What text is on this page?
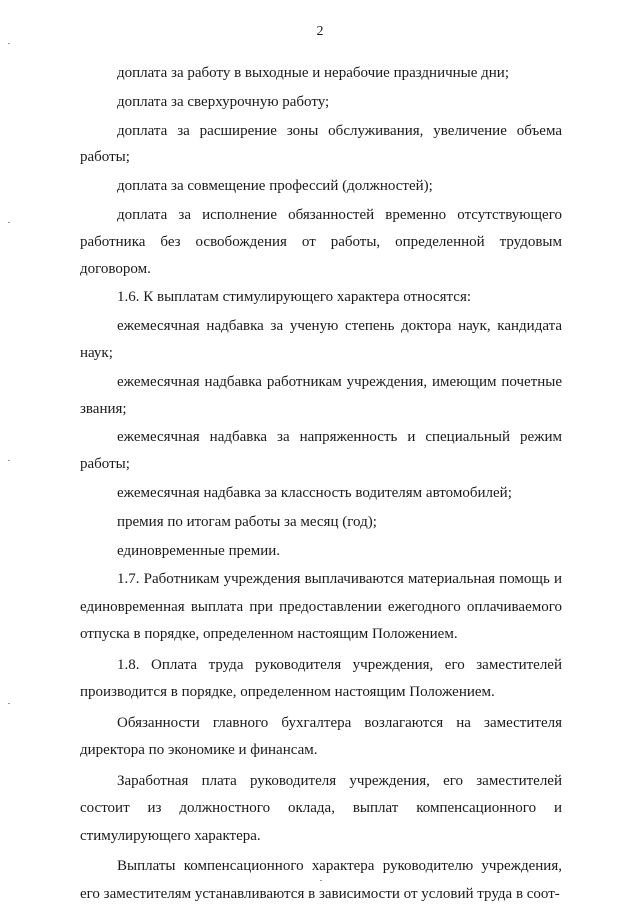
2

доплата за работу в выходные и нерабочие праздничные дни;

доплата за сверхурочную работу;

доплата за расширение зоны обслуживания, увеличение объема работы;

доплата за совмещение профессий (должностей);

доплата за исполнение обязанностей временно отсутствующего работника без освобождения от работы, определенной трудовым договором.

1.6. К выплатам стимулирующего характера относятся:

ежемесячная надбавка за ученую степень доктора наук, кандидата наук;

ежемесячная надбавка работникам учреждения, имеющим почетные звания;

ежемесячная надбавка за напряженность и специальный режим работы;

ежемесячная надбавка за классность водителям автомобилей;

премия по итогам работы за месяц (год);

единовременные премии.

1.7. Работникам учреждения выплачиваются материальная помощь и единовременная выплата при предоставлении ежегодного оплачиваемого отпуска в порядке, определенном настоящим Положением.

1.8. Оплата труда руководителя учреждения, его заместителей производится в порядке, определенном настоящим Положением.

Обязанности главного бухгалтера возлагаются на заместителя директора по экономике и финансам.

Заработная плата руководителя учреждения, его заместителей состоит из должностного оклада, выплат компенсационного и стимулирующего характера.

Выплаты компенсационного характера руководителю учреждения, его заместителям устанавливаются в зависимости от условий труда в соот-
